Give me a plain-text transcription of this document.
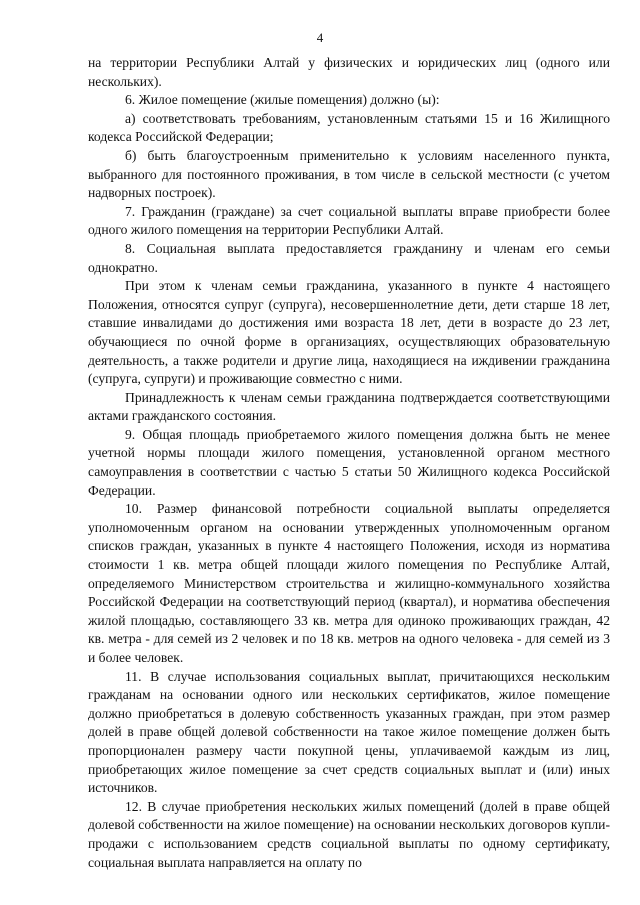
4

на территории Республики Алтай у физических и юридических лиц (одного или нескольких).

6. Жилое помещение (жилые помещения) должно (ы):

а) соответствовать требованиям, установленным статьями 15 и 16 Жилищного кодекса Российской Федерации;

б) быть благоустроенным применительно к условиям населенного пункта, выбранного для постоянного проживания, в том числе в сельской местности (с учетом надворных построек).

7. Гражданин (граждане) за счет социальной выплаты вправе приобрести более одного жилого помещения на территории Республики Алтай.

8. Социальная выплата предоставляется гражданину и членам его семьи однократно.

При этом к членам семьи гражданина, указанного в пункте 4 настоящего Положения, относятся супруг (супруга), несовершеннолетние дети, дети старше 18 лет, ставшие инвалидами до достижения ими возраста 18 лет, дети в возрасте до 23 лет, обучающиеся по очной форме в организациях, осуществляющих образовательную деятельность, а также родители и другие лица, находящиеся на иждивении гражданина (супруга, супруги) и проживающие совместно с ними.

Принадлежность к членам семьи гражданина подтверждается соответствующими актами гражданского состояния.

9. Общая площадь приобретаемого жилого помещения должна быть не менее учетной нормы площади жилого помещения, установленной органом местного самоуправления в соответствии с частью 5 статьи 50 Жилищного кодекса Российской Федерации.

10. Размер финансовой потребности социальной выплаты определяется уполномоченным органом на основании утвержденных уполномоченным органом списков граждан, указанных в пункте 4 настоящего Положения, исходя из норматива стоимости 1 кв. метра общей площади жилого помещения по Республике Алтай, определяемого Министерством строительства и жилищно-коммунального хозяйства Российской Федерации на соответствующий период (квартал), и норматива обеспечения жилой площадью, составляющего 33 кв. метра для одиноко проживающих граждан, 42 кв. метра - для семей из 2 человек и по 18 кв. метров на одного человека - для семей из 3 и более человек.

11. В случае использования социальных выплат, причитающихся нескольким гражданам на основании одного или нескольких сертификатов, жилое помещение должно приобретаться в долевую собственность указанных граждан, при этом размер долей в праве общей долевой собственности на такое жилое помещение должен быть пропорционален размеру части покупной цены, уплачиваемой каждым из лиц, приобретающих жилое помещение за счет средств социальных выплат и (или) иных источников.

12. В случае приобретения нескольких жилых помещений (долей в праве общей долевой собственности на жилое помещение) на основании нескольких договоров купли-продажи с использованием средств социальной выплаты по одному сертификату, социальная выплата направляется на оплату по
